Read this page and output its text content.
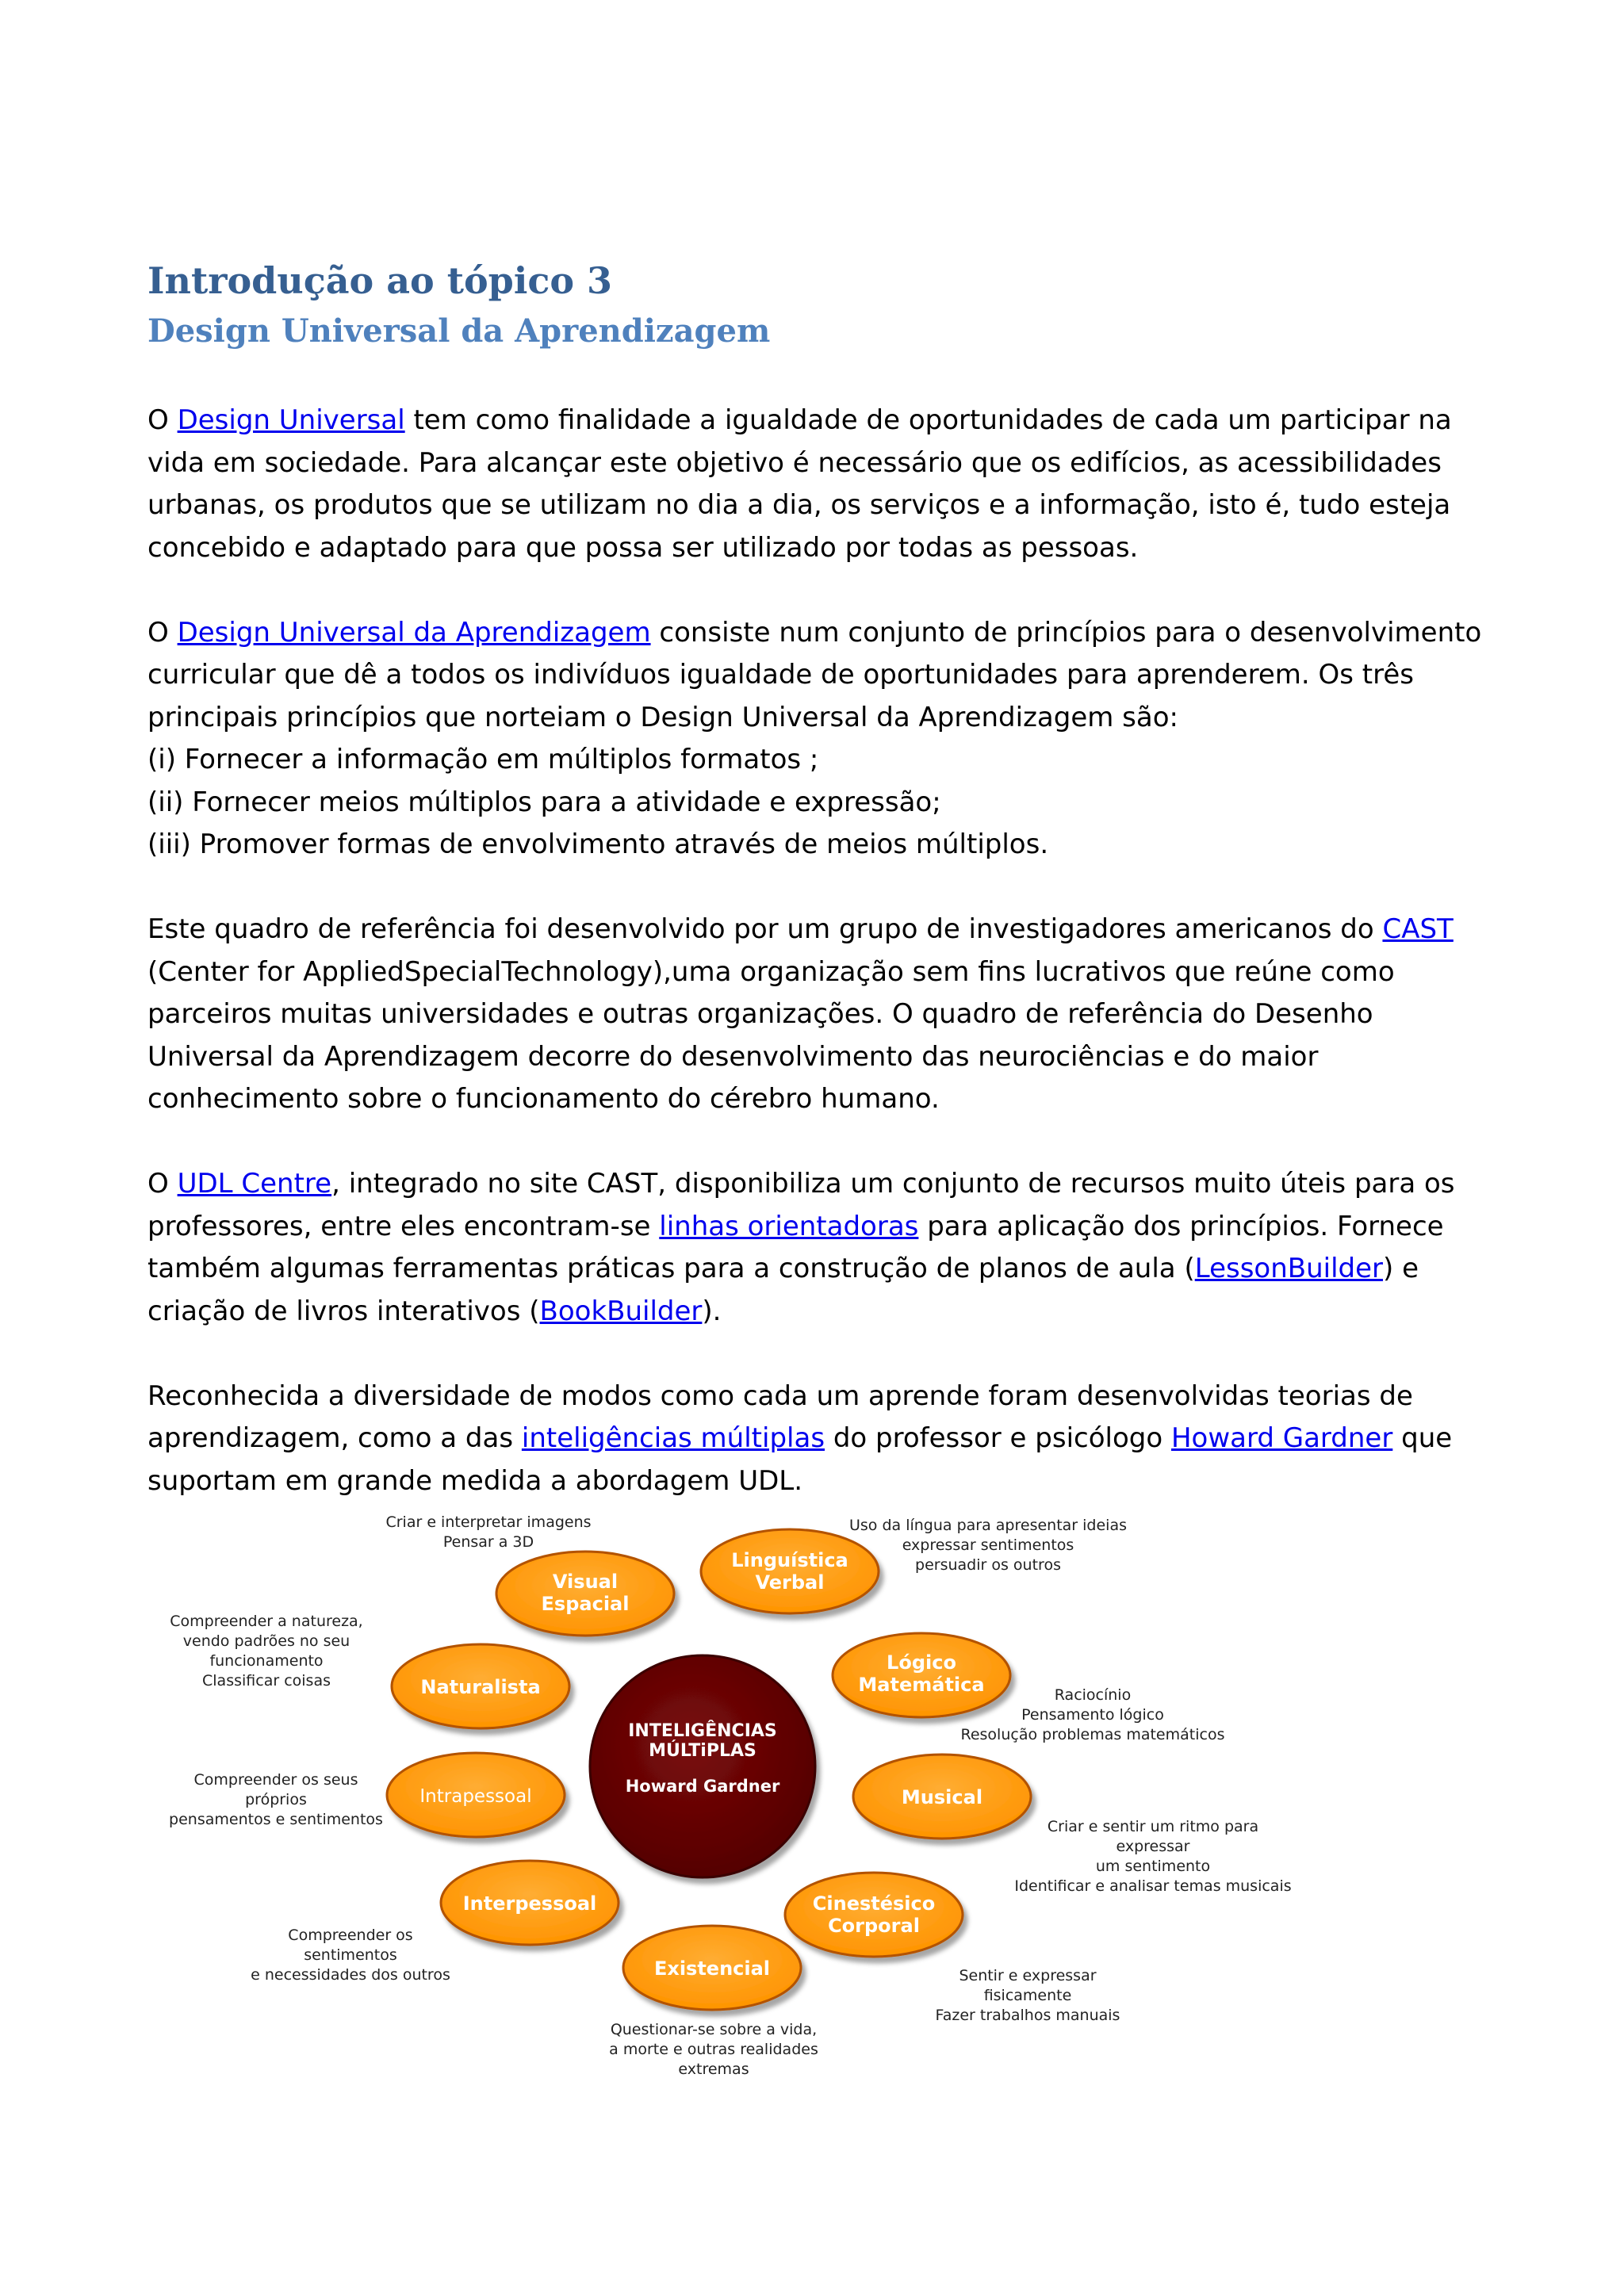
Introdução ao tópico 3
Design Universal da Aprendizagem

O Design Universal tem como finalidade a igualdade de oportunidades de cada um participar na vida em sociedade. Para alcançar este objetivo é necessário que os edifícios, as acessibilidades urbanas, os produtos que se utilizam no dia a dia, os serviços e a informação, isto é, tudo esteja concebido e adaptado para que possa ser utilizado por todas as pessoas.

O Design Universal da Aprendizagem consiste num conjunto de princípios para o desenvolvimento curricular que dê a todos os indivíduos igualdade de oportunidades para aprenderem. Os três principais princípios que norteiam o Design Universal da Aprendizagem são:
(i) Fornecer a informação em múltiplos formatos ;
(ii) Fornecer meios múltiplos para a atividade e expressão;
(iii) Promover formas de envolvimento através de meios múltiplos.

Este quadro de referência foi desenvolvido por um grupo de investigadores americanos do CAST (Center for AppliedSpecialTechnology),uma organização sem fins lucrativos que reúne como parceiros muitas universidades e outras organizações. O quadro de referência do Desenho Universal da Aprendizagem decorre do desenvolvimento das neurociências e do maior conhecimento sobre o funcionamento do cérebro humano.

O UDL Centre, integrado no site CAST, disponibiliza um conjunto de recursos muito úteis para os professores, entre eles encontram-se linhas orientadoras para aplicação dos princípios. Fornece também algumas ferramentas práticas para a construção de planos de aula (LessonBuilder) e criação de livros interativos (BookBuilder).

Reconhecida a diversidade de modos como cada um aprende foram desenvolvidas teorias de aprendizagem, como a das inteligências múltiplas do professor e psicólogo Howard Gardner que suportam em grande medida a abordagem UDL.

INTELIGÊNCIAS
MÚLTiPLAS
Howard Gardner
Visual
Espacial
Criar e interpretar imagens
Pensar a 3D
Linguística
Verbal
Uso da língua para apresentar ideias
expressar sentimentos
persuadir os outros
Naturalista
Compreender a natureza,
vendo padrões no seu
funcionamento
Classificar coisas
Lógico
Matemática	Raciocínio
Pensamento lógico
Resolução problemas matemáticos
Intrapessoal
Compreender os seus
próprios
pensamentos e sentimentos
Musical
Criar e sentir um ritmo para
expressar
um sentimento
Identificar e analisar temas musicais
Interpessoal
Compreender os
sentimentos
e necessidades dos outros
Cinestésico
Corporal
Sentir e expressar
fisicamente
Fazer trabalhos manuais
Existencial
Questionar-se sobre a vida,
a morte e outras realidades
extremas
